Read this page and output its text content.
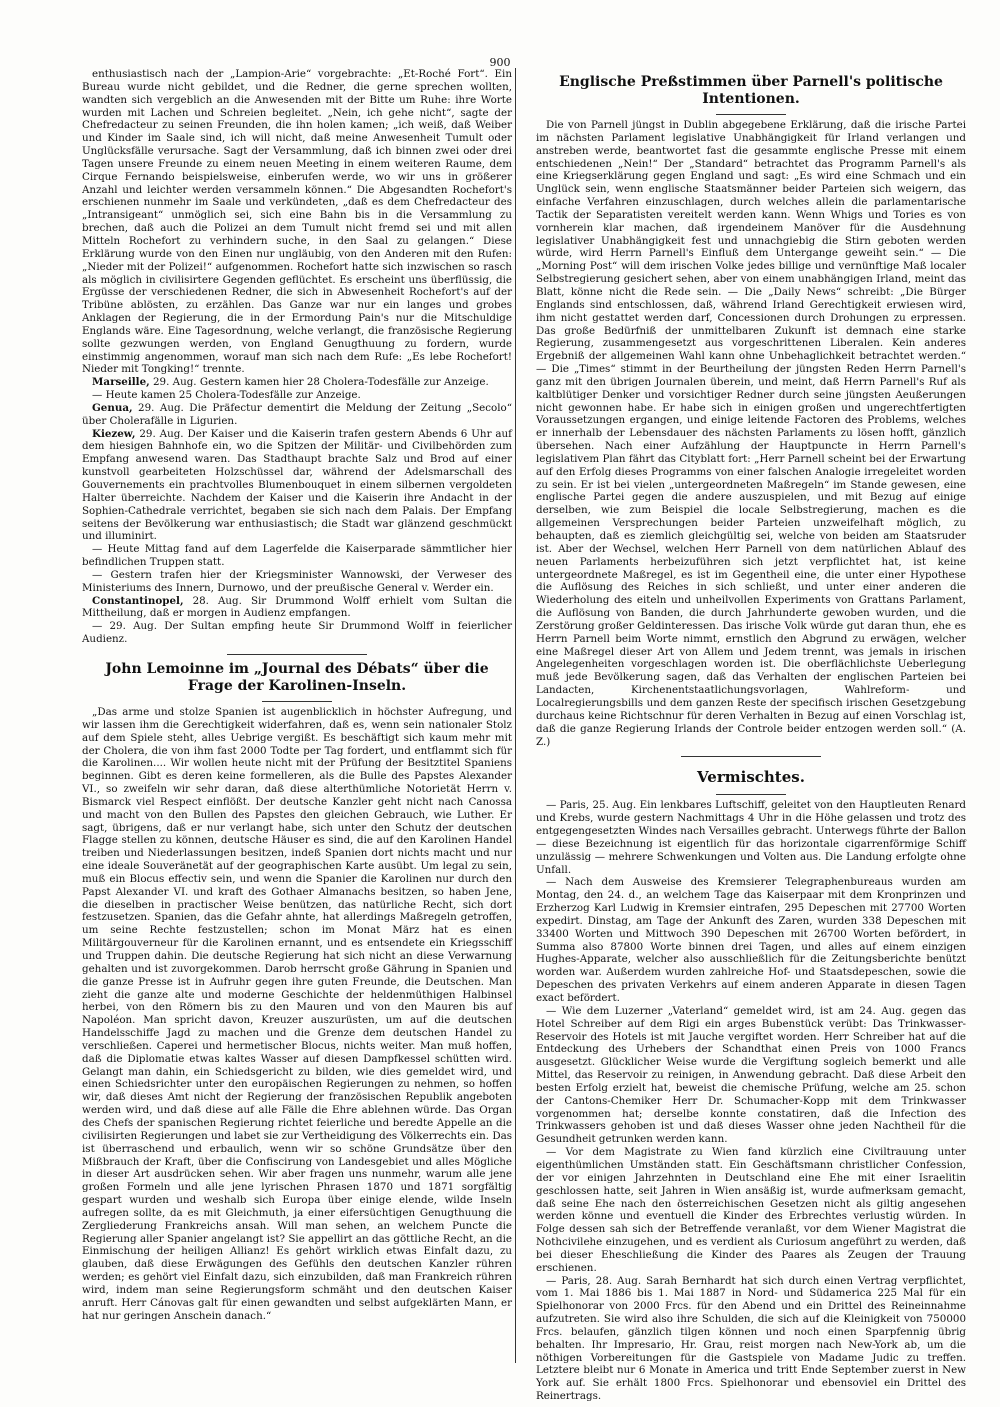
900

enthusiastisch nach der „Lampion-Arie“ vorgebrachte: „Et-Roché Fort“. Ein Bureau wurde nicht gebildet, und die Redner, die gerne sprechen wollten, wandten sich vergeblich an die Anwesenden mit der Bitte um Ruhe: ihre Worte wurden mit Lachen und Schreien begleitet. „Nein, ich gehe nicht“, sagte der Chefredacteur zu seinen Freunden, die ihn holen kamen; „ich weiß, daß Weiber und Kinder im Saale sind, ich will nicht, daß meine Anwesenheit Tumult oder Unglücksfälle verursache. Sagt der Versammlung, daß ich binnen zwei oder drei Tagen unsere Freunde zu einem neuen Meeting in einem weiteren Raume, dem Cirque Fernando beispielsweise, einberufen werde, wo wir uns in größerer Anzahl und leichter werden versammeln können.“ Die Abgesandten Rochefort's erschienen nunmehr im Saale und verkündeten, „daß es dem Chefredacteur des „Intransigeant“ unmöglich sei, sich eine Bahn bis in die Versammlung zu brechen, daß auch die Polizei an dem Tumult nicht fremd sei und mit allen Mitteln Rochefort zu verhindern suche, in den Saal zu gelangen.“ Diese Erklärung wurde von den Einen nur ungläubig, von den Anderen mit den Rufen: „Nieder mit der Polizei!“ aufgenommen. Rochefort hatte sich inzwischen so rasch als möglich in civilisirtere Gegenden geflüchtet. Es erscheint uns überflüssig, die Ergüsse der verschiedenen Redner, die sich in Abwesenheit Rochefort's auf der Tribüne ablösten, zu erzählen. Das Ganze war nur ein langes und grobes Anklagen der Regierung, die in der Ermordung Pain's nur die Mitschuldige Englands wäre. Eine Tagesordnung, welche verlangt, die französische Regierung sollte gezwungen werden, von England Genugthuung zu fordern, wurde einstimmig angenommen, worauf man sich nach dem Rufe: „Es lebe Rochefort! Nieder mit Tongking!“ trennte.

Marseille, 29. Aug. Gestern kamen hier 28 Cholera-Todesfälle zur Anzeige.

— Heute kamen 25 Cholera-Todesfälle zur Anzeige.

Genua, 29. Aug. Die Präfectur dementirt die Meldung der Zeitung „Secolo“ über Cholerafälle in Ligurien.

Kiezew, 29. Aug. Der Kaiser und die Kaiserin trafen gestern Abends 6 Uhr auf dem hiesigen Bahnhofe ein, wo die Spitzen der Militär- und Civilbehörden zum Empfang anwesend waren. Das Stadthaupt brachte Salz und Brod auf einer kunstvoll gearbeiteten Holzschüssel dar, während der Adelsmarschall des Gouvernements ein prachtvolles Blumenbouquet in einem silbernen vergoldeten Halter überreichte. Nachdem der Kaiser und die Kaiserin ihre Andacht in der Sophien-Cathedrale verrichtet, begaben sie sich nach dem Palais. Der Empfang seitens der Bevölkerung war enthusiastisch; die Stadt war glänzend geschmückt und illuminirt.

— Heute Mittag fand auf dem Lagerfelde die Kaiserparade sämmtlicher hier befindlichen Truppen statt.

— Gestern trafen hier der Kriegsminister Wannowski, der Verweser des Ministeriums des Innern, Durnowo, und der preußische General v. Werder ein.

Constantinopel, 28. Aug. Sir Drummond Wolff erhielt vom Sultan die Mittheilung, daß er morgen in Audienz empfangen.

— 29. Aug. Der Sultan empfing heute Sir Drummond Wolff in feierlicher Audienz.

John Lemoinne im „Journal des Débats“ über die Frage der Karolinen-Inseln.

„Das arme und stolze Spanien ist augenblicklich in höchster Aufregung, und wir lassen ihm die Gerechtigkeit widerfahren, daß es, wenn sein nationaler Stolz auf dem Spiele steht, alles Uebrige vergißt. Es beschäftigt sich kaum mehr mit der Cholera, die von ihm fast 2000 Todte per Tag fordert, und entflammt sich für die Karolinen.... Wir wollen heute nicht mit der Prüfung der Besitztitel Spaniens beginnen. Gibt es deren keine formelleren, als die Bulle des Papstes Alexander VI., so zweifeln wir sehr daran, daß diese alterthümliche Notorietät Herrn v. Bismarck viel Respect einflößt. Der deutsche Kanzler geht nicht nach Canossa und macht von den Bullen des Papstes den gleichen Gebrauch, wie Luther. Er sagt, übrigens, daß er nur verlangt habe, sich unter den Schutz der deutschen Flagge stellen zu können, deutsche Häuser es sind, die auf den Karolinen Handel treiben und Niederlassungen besitzen, indeß Spanien dort nichts macht und nur eine ideale Souveränetät auf der geographischen Karte ausübt. Um legal zu sein, muß ein Blocus effectiv sein, und wenn die Spanier die Karolinen nur durch den Papst Alexander VI. und kraft des Gothaer Almanachs besitzen, so haben Jene, die dieselben in practischer Weise benützen, das natürliche Recht, sich dort festzusetzen. Spanien, das die Gefahr ahnte, hat allerdings Maßregeln getroffen, um seine Rechte festzustellen; schon im Monat März hat es einen Militärgouverneur für die Karolinen ernannt, und es entsendete ein Kriegsschiff und Truppen dahin. Die deutsche Regierung hat sich nicht an diese Verwarnung gehalten und ist zuvorgekommen. Darob herrscht große Gährung in Spanien und die ganze Presse ist in Aufruhr gegen ihre guten Freunde, die Deutschen. Man zieht die ganze alte und moderne Geschichte der heldenmüthigen Halbinsel herbei, von den Römern bis zu den Mauren und von den Mauren bis auf Napoléon. Man spricht davon, Kreuzer auszurüsten, um auf die deutschen Handelsschiffe Jagd zu machen und die Grenze dem deutschen Handel zu verschließen. Caperei und hermetischer Blocus, nichts weiter. Man muß hoffen, daß die Diplomatie etwas kaltes Wasser auf diesen Dampfkessel schütten wird. Gelangt man dahin, ein Schiedsgericht zu bilden, wie dies gemeldet wird, und einen Schiedsrichter unter den europäischen Regierungen zu nehmen, so hoffen wir, daß dieses Amt nicht der Regierung der französischen Republik angeboten werden wird, und daß diese auf alle Fälle die Ehre ablehnen würde. Das Organ des Chefs der spanischen Regierung richtet feierliche und beredte Appelle an die civilisirten Regierungen und labet sie zur Vertheidigung des Völkerrechts ein. Das ist überraschend und erbaulich, wenn wir so schöne Grundsätze über den Mißbrauch der Kraft, über die Confiscirung von Landesgebiet und alles Mögliche in dieser Art ausdrücken sehen. Wir aber fragen uns nunmehr, warum alle jene großen Formeln und alle jene lyrischen Phrasen 1870 und 1871 sorgfältig gespart wurden und weshalb sich Europa über einige elende, wilde Inseln aufregen sollte, da es mit Gleichmuth, ja einer eifersüchtigen Genugthuung die Zergliederung Frankreichs ansah. Will man sehen, an welchem Puncte die Regierung aller Spanier angelangt ist? Sie appellirt an das göttliche Recht, an die Einmischung der heiligen Allianz! Es gehört wirklich etwas Einfalt dazu, zu glauben, daß diese Erwägungen des Gefühls den deutschen Kanzler rühren werden; es gehört viel Einfalt dazu, sich einzubilden, daß man Frankreich rühren wird, indem man seine Regierungsform schmäht und den deutschen Kaiser anruft. Herr Cánovas galt für einen gewandten und selbst aufgeklärten Mann, er hat nur geringen Anschein danach.“

Englische Preßstimmen über Parnell's politische Intentionen.

Die von Parnell jüngst in Dublin abgegebene Erklärung, daß die irische Partei im nächsten Parlament legislative Unabhängigkeit für Irland verlangen und anstreben werde, beantwortet fast die gesammte englische Presse mit einem entschiedenen „Nein!“ Der „Standard“ betrachtet das Programm Parnell's als eine Kriegserklärung gegen England und sagt: „Es wird eine Schmach und ein Unglück sein, wenn englische Staatsmänner beider Parteien sich weigern, das einfache Verfahren einzuschlagen, durch welches allein die parlamentarische Tactik der Separatisten vereitelt werden kann. Wenn Whigs und Tories es von vornherein klar machen, daß irgendeinem Manöver für die Ausdehnung legislativer Unabhängigkeit fest und unnachgiebig die Stirn geboten werden würde, wird Herrn Parnell's Einfluß dem Untergange geweiht sein.“ — Die „Morning Post“ will dem irischen Volke jedes billige und vernünftige Maß localer Selbstregierung gesichert sehen, aber von einem unabhängigen Irland, meint das Blatt, könne nicht die Rede sein. — Die „Daily News“ schreibt: „Die Bürger Englands sind entschlossen, daß, während Irland Gerechtigkeit erwiesen wird, ihm nicht gestattet werden darf, Concessionen durch Drohungen zu erpressen. Das große Bedürfniß der unmittelbaren Zukunft ist demnach eine starke Regierung, zusammengesetzt aus vorgeschrittenen Liberalen. Kein anderes Ergebniß der allgemeinen Wahl kann ohne Unbehaglichkeit betrachtet werden.“ — Die „Times“ stimmt in der Beurtheilung der jüngsten Reden Herrn Parnell's ganz mit den übrigen Journalen überein, und meint, daß Herrn Parnell's Ruf als kaltblütiger Denker und vorsichtiger Redner durch seine jüngsten Aeußerungen nicht gewonnen habe. Er habe sich in einigen großen und ungerechtfertigten Voraussetzungen ergangen, und einige leitende Factoren des Problems, welches er innerhalb der Lebensdauer des nächsten Parlaments zu lösen hofft, gänzlich übersehen. Nach einer Aufzählung der Hauptpuncte in Herrn Parnell's legislativem Plan fährt das Cityblatt fort: „Herr Parnell scheint bei der Erwartung auf den Erfolg dieses Programms von einer falschen Analogie irregeleitet worden zu sein. Er ist bei vielen „untergeordneten Maßregeln“ im Stande gewesen, eine englische Partei gegen die andere auszuspielen, und mit Bezug auf einige derselben, wie zum Beispiel die locale Selbstregierung, machen es die allgemeinen Versprechungen beider Parteien unzweifelhaft möglich, zu behaupten, daß es ziemlich gleichgültig sei, welche von beiden am Staatsruder ist. Aber der Wechsel, welchen Herr Parnell von dem natürlichen Ablauf des neuen Parlaments herbeizuführen sich jetzt verpflichtet hat, ist keine untergeordnete Maßregel, es ist im Gegentheil eine, die unter einer Hypothese die Auflösung des Reiches in sich schließt, und unter einer anderen die Wiederholung des eiteln und unheilvollen Experiments von Grattans Parlament, die Auflösung von Banden, die durch Jahrhunderte gewoben wurden, und die Zerstörung großer Geldinteressen. Das irische Volk würde gut daran thun, ehe es Herrn Parnell beim Worte nimmt, ernstlich den Abgrund zu erwägen, welcher eine Maßregel dieser Art von Allem und Jedem trennt, was jemals in irischen Angelegenheiten vorgeschlagen worden ist. Die oberflächlichste Ueberlegung muß jede Bevölkerung sagen, daß das Verhalten der englischen Parteien bei Landacten, Kirchenentstaatlichungsvorlagen, Wahlreform- und Localregierungsbills und dem ganzen Reste der specifisch irischen Gesetzgebung durchaus keine Richtschnur für deren Verhalten in Bezug auf einen Vorschlag ist, daß die ganze Regierung Irlands der Controle beider entzogen werden soll.“ (A. Z.)

Vermischtes.

— Paris, 25. Aug. Ein lenkbares Luftschiff, geleitet von den Hauptleuten Renard und Krebs, wurde gestern Nachmittags 4 Uhr in die Höhe gelassen und trotz des entgegengesetzten Windes nach Versailles gebracht. Unterwegs führte der Ballon — diese Bezeichnung ist eigentlich für das horizontale cigarrenförmige Schiff unzulässig — mehrere Schwenkungen und Volten aus. Die Landung erfolgte ohne Unfall.

— Nach dem Ausweise des Kremsierer Telegraphenbureaus wurden am Montag, den 24. d., an welchem Tage das Kaiserpaar mit dem Kronprinzen und Erzherzog Karl Ludwig in Kremsier eintrafen, 295 Depeschen mit 27700 Worten expedirt. Dinstag, am Tage der Ankunft des Zaren, wurden 338 Depeschen mit 33400 Worten und Mittwoch 390 Depeschen mit 26700 Worten befördert, in Summa also 87800 Worte binnen drei Tagen, und alles auf einem einzigen Hughes-Apparate, welcher also ausschließlich für die Zeitungsberichte benützt worden war. Außerdem wurden zahlreiche Hof- und Staatsdepeschen, sowie die Depeschen des privaten Verkehrs auf einem anderen Apparate in diesen Tagen exact befördert.

— Wie dem Luzerner „Vaterland“ gemeldet wird, ist am 24. Aug. gegen das Hotel Schreiber auf dem Rigi ein arges Bubenstück verübt: Das Trinkwasser-Reservoir des Hotels ist mit Jauche vergiftet worden. Herr Schreiber hat auf die Entdeckung des Urhebers der Schandthat einen Preis von 1000 Francs ausgesetzt. Glücklicher Weise wurde die Vergiftung sogleich bemerkt und alle Mittel, das Reservoir zu reinigen, in Anwendung gebracht. Daß diese Arbeit den besten Erfolg erzielt hat, beweist die chemische Prüfung, welche am 25. schon der Cantons-Chemiker Herr Dr. Schumacher-Kopp mit dem Trinkwasser vorgenommen hat; derselbe konnte constatiren, daß die Infection des Trinkwassers gehoben ist und daß dieses Wasser ohne jeden Nachtheil für die Gesundheit getrunken werden kann.

— Vor dem Magistrate zu Wien fand kürzlich eine Civiltrauung unter eigenthümlichen Umständen statt. Ein Geschäftsmann christlicher Confession, der vor einigen Jahrzehnten in Deutschland eine Ehe mit einer Israelitin geschlossen hatte, seit Jahren in Wien ansäßig ist, wurde aufmerksam gemacht, daß seine Ehe nach den österreichischen Gesetzen nicht als giltig angesehen werden könne und eventuell die Kinder des Erbrechtes verlustig würden. In Folge dessen sah sich der Betreffende veranlaßt, vor dem Wiener Magistrat die Nothcivilehe einzugehen, und es verdient als Curiosum angeführt zu werden, daß bei dieser Eheschließung die Kinder des Paares als Zeugen der Trauung erschienen.

— Paris, 28. Aug. Sarah Bernhardt hat sich durch einen Vertrag verpflichtet, vom 1. Mai 1886 bis 1. Mai 1887 in Nord- und Südamerica 225 Mal für ein Spielhonorar von 2000 Frcs. für den Abend und ein Drittel des Reineinnahme aufzutreten. Sie wird also ihre Schulden, die sich auf die Kleinigkeit von 750000 Frcs. belaufen, gänzlich tilgen können und noch einen Sparpfennig übrig behalten. Ihr Impresario, Hr. Grau, reist morgen nach New-York ab, um die nöthigen Vorbereitungen für die Gastspiele von Madame Judic zu treffen. Letztere bleibt nur 6 Monate in America und tritt Ende September zuerst in New York auf. Sie erhält 1800 Frcs. Spielhonorar und ebensoviel ein Drittel des Reinertrags.
